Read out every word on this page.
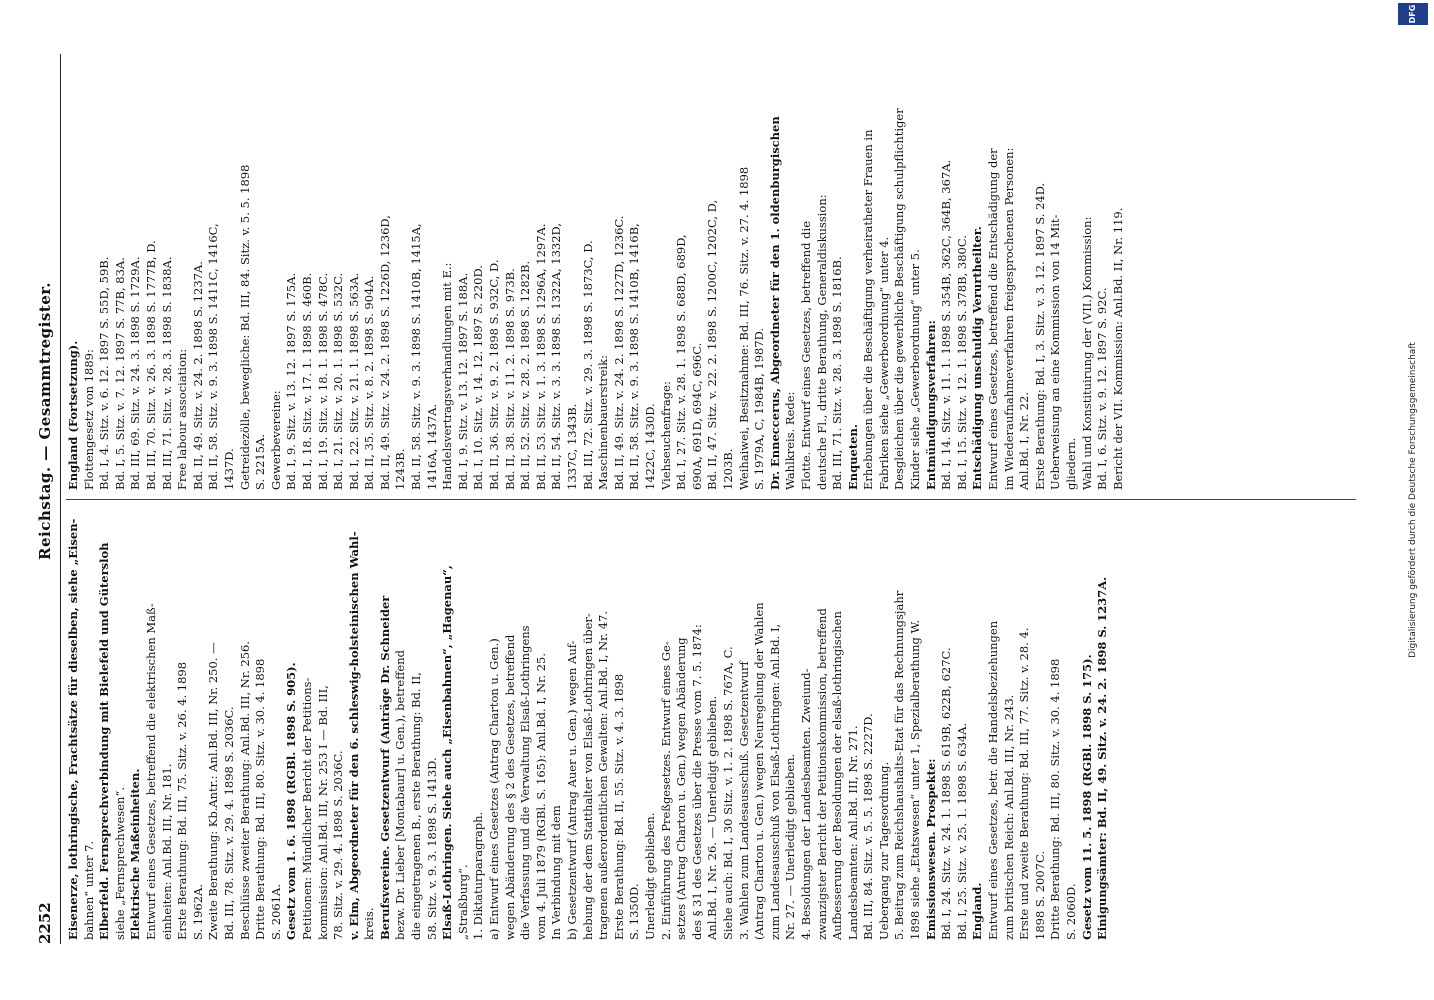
2252
Reichstag. — Gesammtregister.
Eisenerze, lothringische, Frachtsätze für dieselben, siehe „Eisen- bahnen“ unter 7. Elberfeld. Fernsprechverbindung mit Bielefeld und Gütersloh siehe „Fernsprechwesen“. Elektrische Maßeinheiten. Entwurf eines Gesetzes, betreffend die elektrischen Maß- einheiten: Anl.Bd. III, Nr. 181. Erste Berathung: Bd. III, 75. Sitz. v. 26. 4. 1898 S. 1962A. Zweite Berathung: Kb.Antr.: Anl.Bd. III, Nr. 250. — Bd. III, 78. Sitz. v. 29. 4. 1898 S. 2036C. Beschlüsse zweiter Berathung: Anl.Bd. III, Nr. 256. Dritte Berathung: Bd. III, 80. Sitz. v. 30. 4. 1898 S. 2061A. Gesetz vom 1. 6. 1898 (RGBl. 1898 S. 905). Petitionen: Mündlicher Bericht der Petitions- kommission: Anl.Bd. III, Nr. 253 I — Bd. III, 78. Sitz. v. 29. 4. 1898 S. 2036C. v. Elm, Abgeordneter für den 6. schleswig-holsteinischen Wahl- kreis. Berufsvereine. Gesetzentwurf (Anträge Dr. Schneider bezw. Dr. Lieber [Montabaur] u. Gen.), betreffend die eingetragenen B., erste Berathung: Bd. II, 58. Sitz. v. 9. 3. 1898 S. 1413D. Elsaß-Lothringen. Siehe auch „Eisenbahnen“, „Hagenau“, „Straßburg“. 1. Diktaturparagraph. a) Entwurf eines Gesetzes (Antrag Charton u. Gen.) wegen Abänderung des § 2 des Gesetzes, betreffend die Verfassung und die Verwaltung Elsaß-Lothringens vom 4. Juli 1879 (RGBl. S. 165): Anl.Bd. I, Nr. 25. In Verbindung mit dem b) Gesetzentwurf (Antrag Auer u. Gen.) wegen Auf- hebung der dem Statthalter von Elsaß-Lothringen über- tragenen außerordentlichen Gewalten: Anl.Bd. I, Nr. 47. Erste Berathung: Bd. II, 55. Sitz. v. 4. 3. 1898 S. 1350D. Unerledigt geblieben. 2. Einführung des Preßgesetzes. Entwurf eines Ge- setzes (Antrag Charton u. Gen.) wegen Abänderung des § 31 des Gesetzes über die Presse vom 7. 5. 1874: Anl.Bd. I, Nr. 26. — Unerledigt geblieben. Siehe auch: Bd. I, 30 Sitz. v. 1. 2. 1898 S. 767A, C. 3. Wahlen zum Landesausschuß. Gesetzentwurf (Antrag Charton u. Gen.) wegen Neuregelung der Wahlen zum Landesausschuß von Elsaß-Lothringen: Anl.Bd. I, Nr. 27. — Unerledigt geblieben. 4. Besoldungen der Landesbeamten. Zweiund- zwanzigster Bericht der Petitionskommission, betreffend Aufbesserung der Besoldungen der elsaß-lothringischen Landesbeamten: Anl.Bd. III, Nr. 271. Bd. III, 84. Sitz. v. 5. 5. 1898 S. 2227D. Uebergang zur Tagesordnung. 5. Beitrag zum Reichshaushalts-Etat für das Rechnungsjahr 1898 siehe „Etatswesen“ unter 1, Spezialberathung W. Emissionswesen. Prospekte: Bd. I, 24. Sitz. v. 24. 1. 1898 S. 619B, 622B, 627C. Bd. I, 25. Sitz. v. 25. 1. 1898 S. 634A. England. Entwurf eines Gesetzes, betr. die Handelsbeziehungen zum britischen Reich: Anl.Bd. III, Nr. 243. Erste und zweite Berathung: Bd. III, 77. Sitz. v. 28. 4. 1898 S. 2007C. Dritte Berathung: Bd. III, 80. Sitz. v. 30. 4. 1898 S. 2060D. Gesetz vom 11. 5. 1898 (RGBl. 1898 S. 175). Einigungsämter: Bd. II, 49. Sitz. v. 24. 2. 1898 S. 1237A.
England (Fortsetzung). Flottengesetz von 1889: Bd. I, 4. Sitz. v. 6. 12. 1897 S. 55D, 59B. Bd. I, 5. Sitz. v. 7. 12. 1897 S. 77B, 83A. Bd. III, 69. Sitz. v. 24. 3. 1898 S. 1729A. Bd. III, 70. Sitz. v. 26. 3. 1898 S. 1777B, D. Bd. III, 71. Sitz. v. 28. 3. 1898 S. 1838A. Free labour association: Bd. II, 49. Sitz. v. 24. 2. 1898 S. 1237A. Bd. II, 58. Sitz. v. 9. 3. 1898 S. 1411C, 1416C, 1437D. Getreidezölle, bewegliche: Bd. III, 84. Sitz. v. 5. 5. 1898 S. 2215A. Gewerbevereine: Bd. I, 9. Sitz. v. 13. 12. 1897 S. 175A. Bd. I, 18. Sitz. v. 17. 1. 1898 S. 460B. Bd. I, 19. Sitz. v. 18. 1. 1898 S. 478C. Bd. I, 21. Sitz. v. 20. 1. 1898 S. 532C. Bd. I, 22. Sitz. v. 21. 1. 1898 S. 563A. Bd. II, 35. Sitz. v. 8. 2. 1898 S. 904A. Bd. II, 49. Sitz. v. 24. 2. 1898 S. 1226D, 1236D, 1243B. Bd. II, 58. Sitz. v. 9. 3. 1898 S. 1410B, 1415A, 1416A, 1437A. Handelsvertragsverhandlungen mit E.: Bd. I, 9. Sitz. v. 13. 12. 1897 S. 188A. Bd. I, 10. Sitz. v. 14. 12. 1897 S. 220D. Bd. II, 36. Sitz. v. 9. 2. 1898 S. 932C, D. Bd. II, 38. Sitz. v. 11. 2. 1898 S. 973B. Bd. II, 52. Sitz. v. 28. 2. 1898 S. 1282B. Bd. II, 53. Sitz. v. 1. 3. 1898 S. 1296A, 1297A. Bd. II, 54. Sitz. v. 3. 3. 1898 S. 1322A, 1332D, 1337C, 1343B. Bd. III, 72. Sitz. v. 29. 3. 1898 S. 1873C, D. Maschinenbauerstreik: Bd. II, 49. Sitz. v. 24. 2. 1898 S. 1227D, 1236C. Bd. II, 58. Sitz. v. 9. 3. 1898 S. 1410B, 1416B, 1422C, 1430D. Viehseuchenfrage: Bd. I, 27. Sitz. v. 28. 1. 1898 S. 688D, 689D, 690A, 691D, 694C, 696C. Bd. II, 47. Sitz. v. 22. 2. 1898 S. 1200C, 1202C, D, 1203B. Weihaiwei, Besitznahme: Bd. III, 76. Sitz. v. 27. 4. 1898 S. 1979A, C, 1984B, 1987D. Dr. Enneccerus, Abgeordneter für den 1. oldenburgischen Wahlkreis. Rede: Flotte. Entwurf eines Gesetzes, betreffend die deutsche Fl., dritte Berathung, Generaldiskussion: Bd. III, 71. Sitz. v. 28. 3. 1898 S. 1816B. Enqueten. Erhebungen über die Beschäftigung verheiratheter Frauen in Fabriken siehe „Gewerbeordnung“ unter 4. Desgleichen über die gewerbliche Beschäftigung schulpflichtiger Kinder siehe „Gewerbeordnung“ unter 5. Entmündigungsverfahren: Bd. I, 14. Sitz. v. 11. 1. 1898 S. 354B, 362C, 364B, 367A. Bd. I, 15. Sitz. v. 12. 1. 1898 S. 378B, 380C. Entschädigung unschuldig Verurtheilter. Entwurf eines Gesetzes, betreffend die Entschädigung der im Wiederaufnahmeverfahren freigesprochenen Personen: Anl.Bd. I, Nr. 22. Erste Berathung: Bd. I, 3. Sitz. v. 3. 12. 1897 S. 24D. Ueberweisung an eine Kommission von 14 Mit- gliedern. Wahl und Konstituirung der (VII.) Kommission: Bd. I, 6. Sitz. v. 9. 12. 1897 S. 92C. Bericht der VII. Kommission: Anl.Bd. II, Nr. 119.	Digitalisierung gefördert durch die Deutsche Forschungsgemeinschaft
DFG
